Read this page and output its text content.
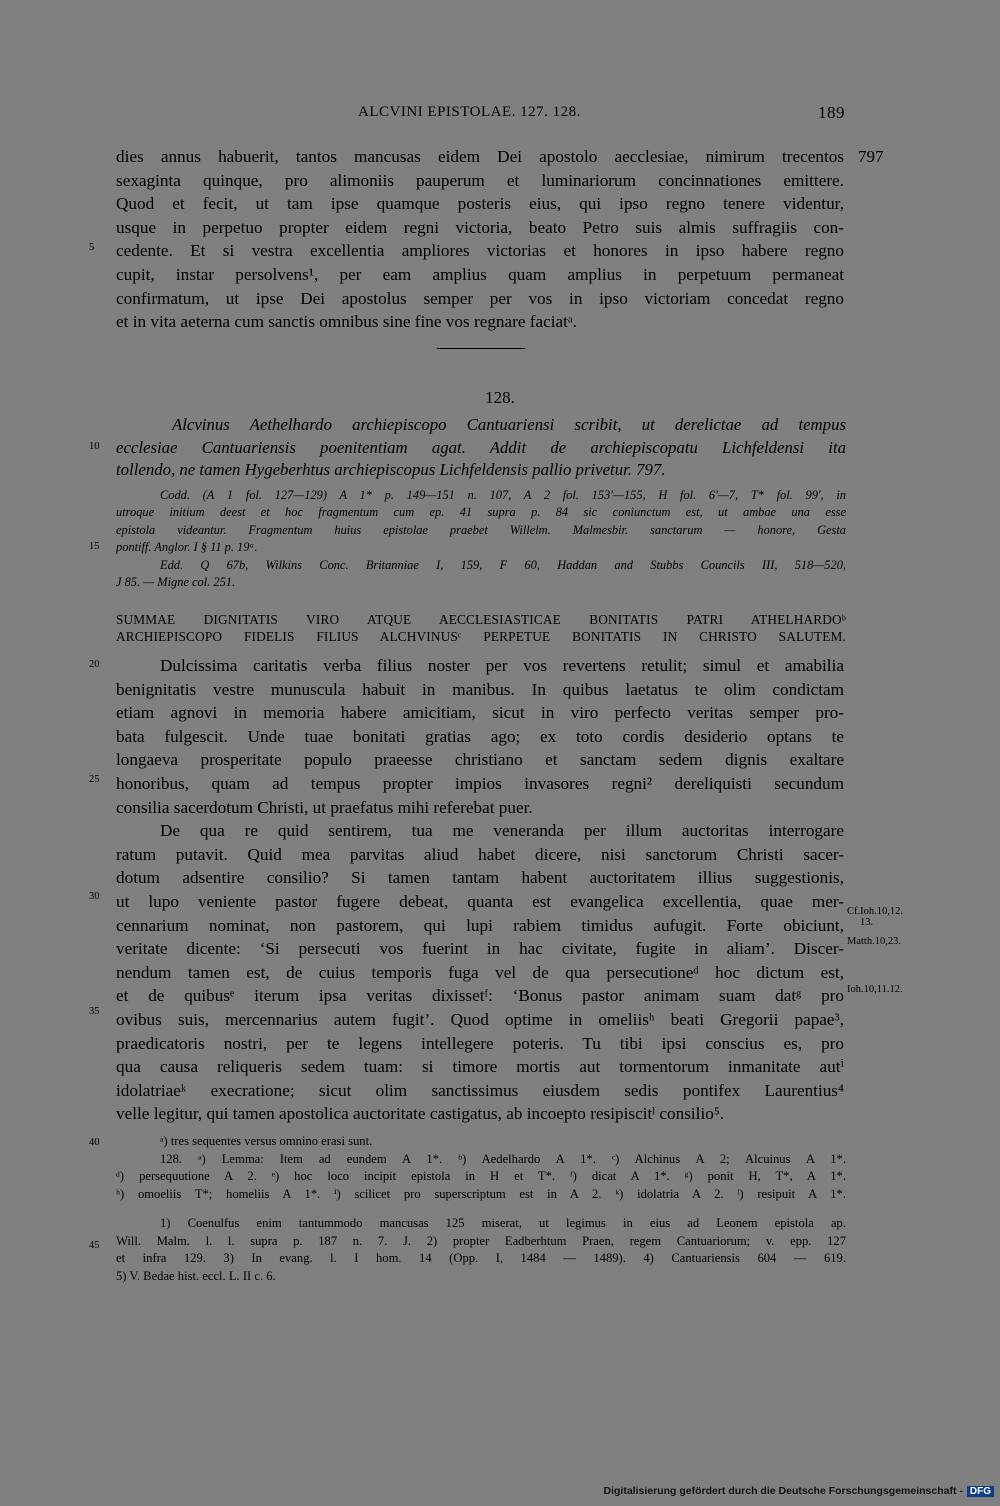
ALCVINI EPISTOLAE. 127. 128.	189
dies annus habuerit, tantos mancusas eidem Dei apostolo aecclesiae, nimirum trecentos
sexaginta quinque, pro alimoniis pauperum et luminariorum concinnationes emittere.
Quod et fecit, ut tam ipse quamque posteris eius, qui ipso regno tenere videntur,
usque in perpetuo propter eidem regni victoria, beato Petro suis almis suffragiis con-
cedente. Et si vestra excellentia ampliores victorias et honores in ipso habere regno
cupit, instar persolvens¹, per eam amplius quam amplius in perpetuum permaneat
confirmatum, ut ipse Dei apostolus semper per vos in ipso victoriam concedat regno
et in vita aeterna cum sanctis omnibus sine fine vos regnare faciatᵃ.
797
5
128.
Alcvinus Aethelhardo archiepiscopo Cantuariensi scribit, ut derelictae ad tempus
ecclesiae Cantuariensis poenitentiam agat. Addit de archiepiscopatu Lichfeldensi ita
tollendo, ne tamen Hygeberhtus archiepiscopus Lichfeldensis pallio privetur. 797.
10
Codd. (A 1 fol. 127—129) A 1* p. 149—151 n. 107, A 2 fol. 153'—155, H fol. 6'—7, T* fol. 99', in
utroque initium deest et hoc fragmentum cum ep. 41 supra p. 84 sic coniunctum est, ut ambae una esse
epistola videantur. Fragmentum huius epistolae praebet Willelm. Malmesbir. sanctarum — honore, Gesta
pontiff. Anglor. I § 11 p. 19ᵃ.
Edd. Q 67b, Wilkins Conc. Britanniae I, 159, F 60, Haddan and Stubbs Councils III, 518—520,
J 85. — Migne col. 251.
15
SUMMAE DIGNITATIS VIRO ATQUE AECCLESIASTICAE BONITATIS PATRI ATHELHARDOᵇ
ARCHIEPISCOPO FIDELIS FILIUS ALCHVINUSᶜ PERPETUE BONITATIS IN CHRISTO SALUTEM.
Dulcissima caritatis verba filius noster per vos revertens retulit; simul et amabilia
benignitatis vestre munuscula habuit in manibus. In quibus laetatus te olim condictam
etiam agnovi in memoria habere amicitiam, sicut in viro perfecto veritas semper pro-
bata fulgescit. Unde tuae bonitati gratias ago; ex toto cordis desiderio optans te
longaeva prosperitate populo praeesse christiano et sanctam sedem dignis exaltare
honoribus, quam ad tempus propter impios invasores regni² dereliquisti secundum
consilia sacerdotum Christi, ut praefatus mihi referebat puer.
De qua re quid sentirem, tua me veneranda per illum auctoritas interrogare
ratum putavit. Quid mea parvitas aliud habet dicere, nisi sanctorum Christi sacer-
dotum adsentire consilio? Si tamen tantam habent auctoritatem illius suggestionis,
ut lupo veniente pastor fugere debeat, quanta est evangelica excellentia, quae mer-
cennarium nominat, non pastorem, qui lupi rabiem timidus aufugit. Forte obiciunt,
veritate dicente: ‘Si persecuti vos fuerint in hac civitate, fugite in aliam’. Discer-
nendum tamen est, de cuius temporis fuga vel de qua persecutioneᵈ hoc dictum est,
et de quibusᵉ iterum ipsa veritas dixissetᶠ: ‘Bonus pastor animam suam datᵍ pro
ovibus suis, mercennarius autem fugit’. Quod optime in omeliisʰ beati Gregorii papae³,
praedicatoris nostri, per te legens intellegere poteris. Tu tibi ipsi conscius es, pro
qua causa reliqueris sedem tuam: si timore mortis aut tormentorum inmanitate autⁱ
idolatriaeᵏ execratione; sicut olim sanctissimus eiusdem sedis pontifex Laurentius⁴
velle legitur, qui tamen apostolica auctoritate castigatus, ab incoepto resipiscitˡ consilio⁵.
20
25
30
35
Cf.Ioh.10,12.
13.
Matth.10,23.
Ioh.10,11.12.
ᵃ) tres sequentes versus omnino erasi sunt.
128. ᵃ) Lemma: Item ad eundem A 1*. ᵇ) Aedelhardo A 1*. ᶜ) Alchinus A 2; Alcuinus A 1*.
ᵈ) persequutione A 2. ᵉ) hoc loco incipit epistola in H et T*. ᶠ) dicat A 1*. ᵍ) ponit H, T*, A 1*.
ʰ) omoeliis T*; homeliis A 1*. ⁱ) scilicet pro superscriptum est in A 2. ᵏ) idolatria A 2. ˡ) resipuit A 1*.
40
1) Coenulfus enim tantummodo mancusas 125 miserat, ut legimus in eius ad Leonem epistola ap.
Will. Malm. l. l. supra p. 187 n. 7. J. 2) propter Eadberhtum Praen, regem Cantuariorum; v. epp. 127
et infra 129. 3) In evang. l. I hom. 14 (Opp. I, 1484 — 1489). 4) Cantuariensis 604 — 619.
5) V. Bedae hist. eccl. L. II c. 6.
45
Digitalisierung gefördert durch die Deutsche Forschungsgemeinschaft - DFG
